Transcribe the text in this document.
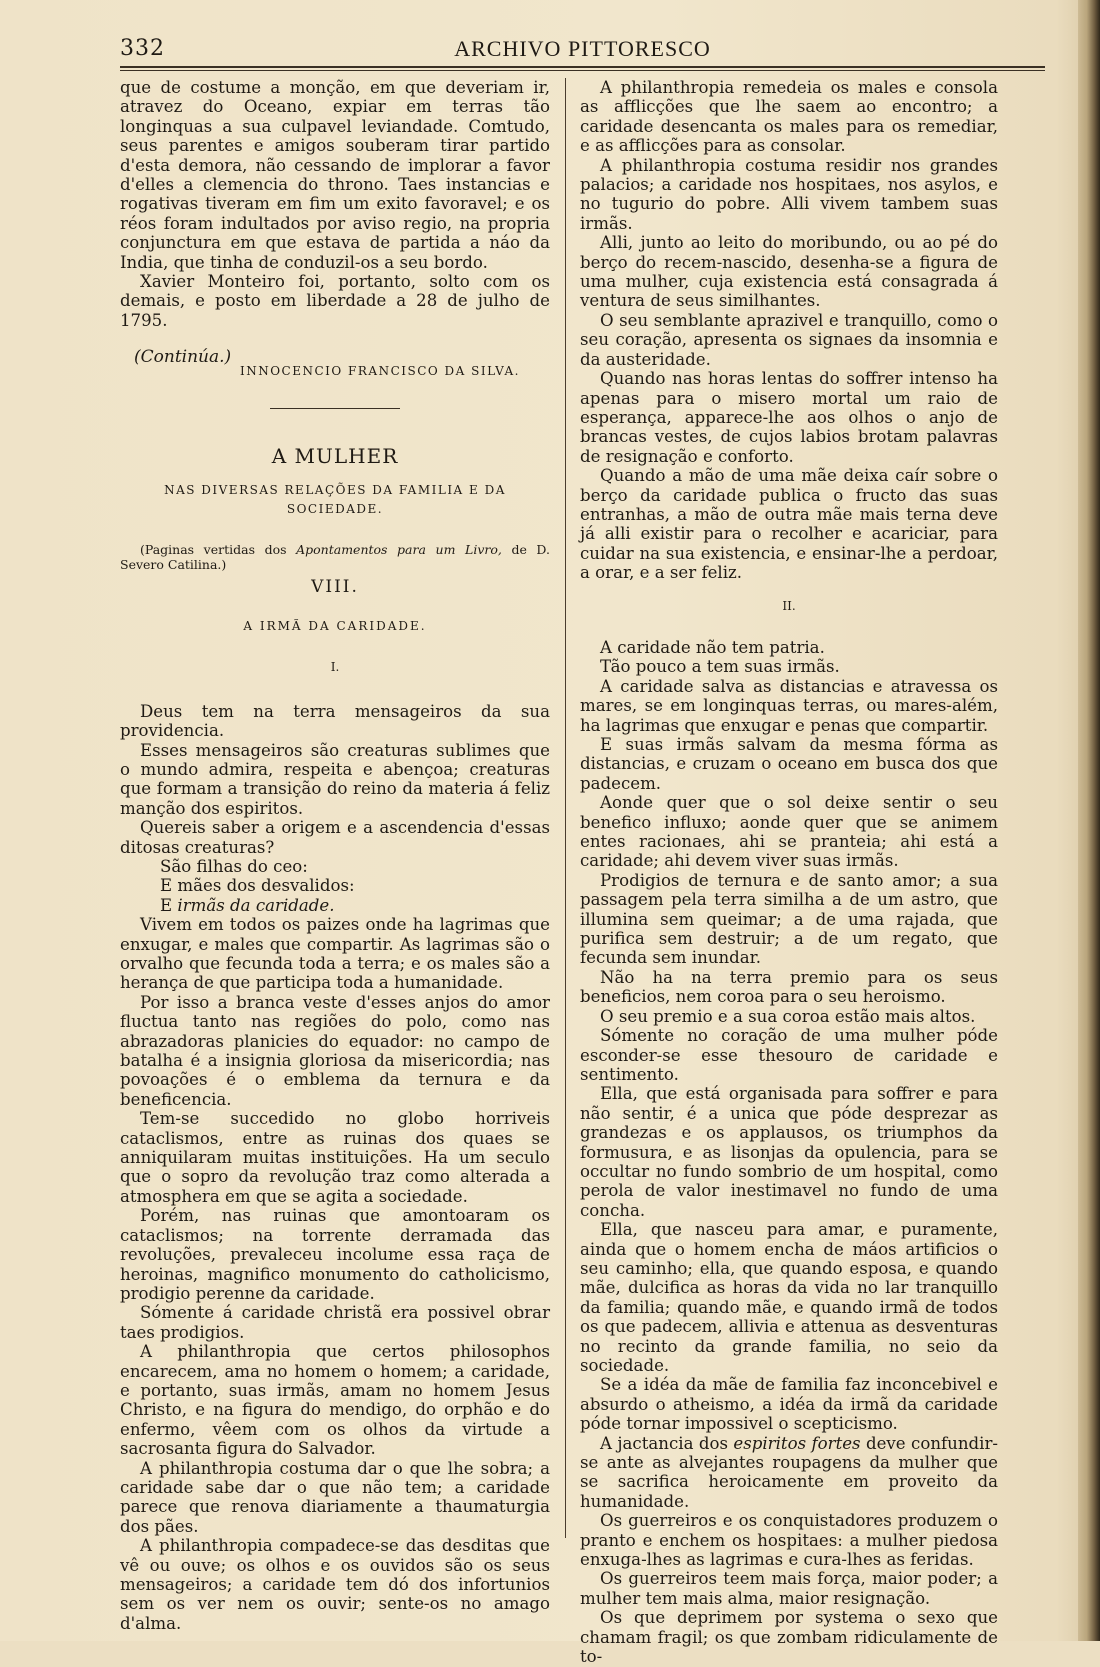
332	ARCHIVO PITTORESCO

que de costume a monção, em que deveriam ir, atravez do Oceano, expiar em terras tão longinquas a sua culpavel leviandade. Comtudo, seus parentes e amigos souberam tirar partido d'esta demora, não cessando de implorar a favor d'elles a clemencia do throno. Taes instancias e rogativas tiveram em fim um exito favoravel; e os réos foram indultados por aviso regio, na propria conjunctura em que estava de partida a náo da India, que tinha de conduzil-os a seu bordo.

Xavier Monteiro foi, portanto, solto com os demais, e posto em liberdade a 28 de julho de 1795.

(Continúa.)
INNOCENCIO FRANCISCO DA SILVA.
A MULHER
NAS DIVERSAS RELAÇÕES DA FAMILIA E DA SOCIEDADE.

(Paginas vertidas dos Apontamentos para um Livro, de D. Severo Catilina.)

VIII.
A IRMÃ DA CARIDADE.
I.

Deus tem na terra mensageiros da sua providencia.

Esses mensageiros são creaturas sublimes que o mundo admira, respeita e abençoa; creaturas que formam a transição do reino da materia á feliz manção dos espiritos.

Quereis saber a origem e a ascendencia d'essas ditosas creaturas?

São filhas do ceo:

E mães dos desvalidos:

E irmãs da caridade.

Vivem em todos os paizes onde ha lagrimas que enxugar, e males que compartir. As lagrimas são o orvalho que fecunda toda a terra; e os males são a herança de que participa toda a humanidade.

Por isso a branca veste d'esses anjos do amor fluctua tanto nas regiões do polo, como nas abrazadoras planicies do equador: no campo de batalha é a insignia gloriosa da misericordia; nas povoações é o emblema da ternura e da beneficencia.

Tem-se succedido no globo horriveis cataclismos, entre as ruinas dos quaes se anniquilaram muitas instituições. Ha um seculo que o sopro da revolução traz como alterada a atmosphera em que se agita a sociedade.

Porém, nas ruinas que amontoaram os cataclismos; na torrente derramada das revoluções, prevaleceu incolume essa raça de heroinas, magnifico monumento do catholicismo, prodigio perenne da caridade.

Sómente á caridade christã era possivel obrar taes prodigios.

A philanthropia que certos philosophos encarecem, ama no homem o homem; a caridade, e portanto, suas irmãs, amam no homem Jesus Christo, e na figura do mendigo, do orphão e do enfermo, vêem com os olhos da virtude a sacrosanta figura do Salvador.

A philanthropia costuma dar o que lhe sobra; a caridade sabe dar o que não tem; a caridade parece que renova diariamente a thaumaturgia dos pães.

A philanthropia compadece-se das desditas que vê ou ouve; os olhos e os ouvidos são os seus mensageiros; a caridade tem dó dos infortunios sem os ver nem os ouvir; sente-os no amago d'alma.

A philanthropia remedeia os males e consola as afflicções que lhe saem ao encontro; a caridade desencanta os males para os remediar, e as afflicções para as consolar.

A philanthropia costuma residir nos grandes palacios; a caridade nos hospitaes, nos asylos, e no tugurio do pobre. Alli vivem tambem suas irmãs.

Alli, junto ao leito do moribundo, ou ao pé do berço do recem-nascido, desenha-se a figura de uma mulher, cuja existencia está consagrada á ventura de seus similhantes.

O seu semblante aprazivel e tranquillo, como o seu coração, apresenta os signaes da insomnia e da austeridade.

Quando nas horas lentas do soffrer intenso ha apenas para o misero mortal um raio de esperança, apparece-lhe aos olhos o anjo de brancas vestes, de cujos labios brotam palavras de resignação e conforto.

Quando a mão de uma mãe deixa caír sobre o berço da caridade publica o fructo das suas entranhas, a mão de outra mãe mais terna deve já alli existir para o recolher e acariciar, para cuidar na sua existencia, e ensinar-lhe a perdoar, a orar, e a ser feliz.

II.

A caridade não tem patria.

Tão pouco a tem suas irmãs.

A caridade salva as distancias e atravessa os mares, se em longinquas terras, ou mares-além, ha lagrimas que enxugar e penas que compartir.

E suas irmãs salvam da mesma fórma as distancias, e cruzam o oceano em busca dos que padecem.

Aonde quer que o sol deixe sentir o seu benefico influxo; aonde quer que se animem entes racionaes, ahi se pranteia; ahi está a caridade; ahi devem viver suas irmãs.

Prodigios de ternura e de santo amor; a sua passagem pela terra similha a de um astro, que illumina sem queimar; a de uma rajada, que purifica sem destruir; a de um regato, que fecunda sem inundar.

Não ha na terra premio para os seus beneficios, nem coroa para o seu heroismo.

O seu premio e a sua coroa estão mais altos.

Sómente no coração de uma mulher póde esconder-se esse thesouro de caridade e sentimento.

Ella, que está organisada para soffrer e para não sentir, é a unica que póde desprezar as grandezas e os applausos, os triumphos da formusura, e as lisonjas da opulencia, para se occultar no fundo sombrio de um hospital, como perola de valor inestimavel no fundo de uma concha.

Ella, que nasceu para amar, e puramente, ainda que o homem encha de máos artificios o seu caminho; ella, que quando esposa, e quando mãe, dulcifica as horas da vida no lar tranquillo da familia; quando mãe, e quando irmã de todos os que padecem, allivia e attenua as desventuras no recinto da grande familia, no seio da sociedade.

Se a idéa da mãe de familia faz inconcebivel e absurdo o atheismo, a idéa da irmã da caridade póde tornar impossivel o scepticismo.

A jactancia dos espiritos fortes deve confundir-se ante as alvejantes roupagens da mulher que se sacrifica heroicamente em proveito da humanidade.

Os guerreiros e os conquistadores produzem o pranto e enchem os hospitaes: a mulher piedosa enxuga-lhes as lagrimas e cura-lhes as feridas.

Os guerreiros teem mais força, maior poder; a mulher tem mais alma, maior resignação.

Os que deprimem por systema o sexo que chamam fragil; os que zombam ridiculamente de to-
